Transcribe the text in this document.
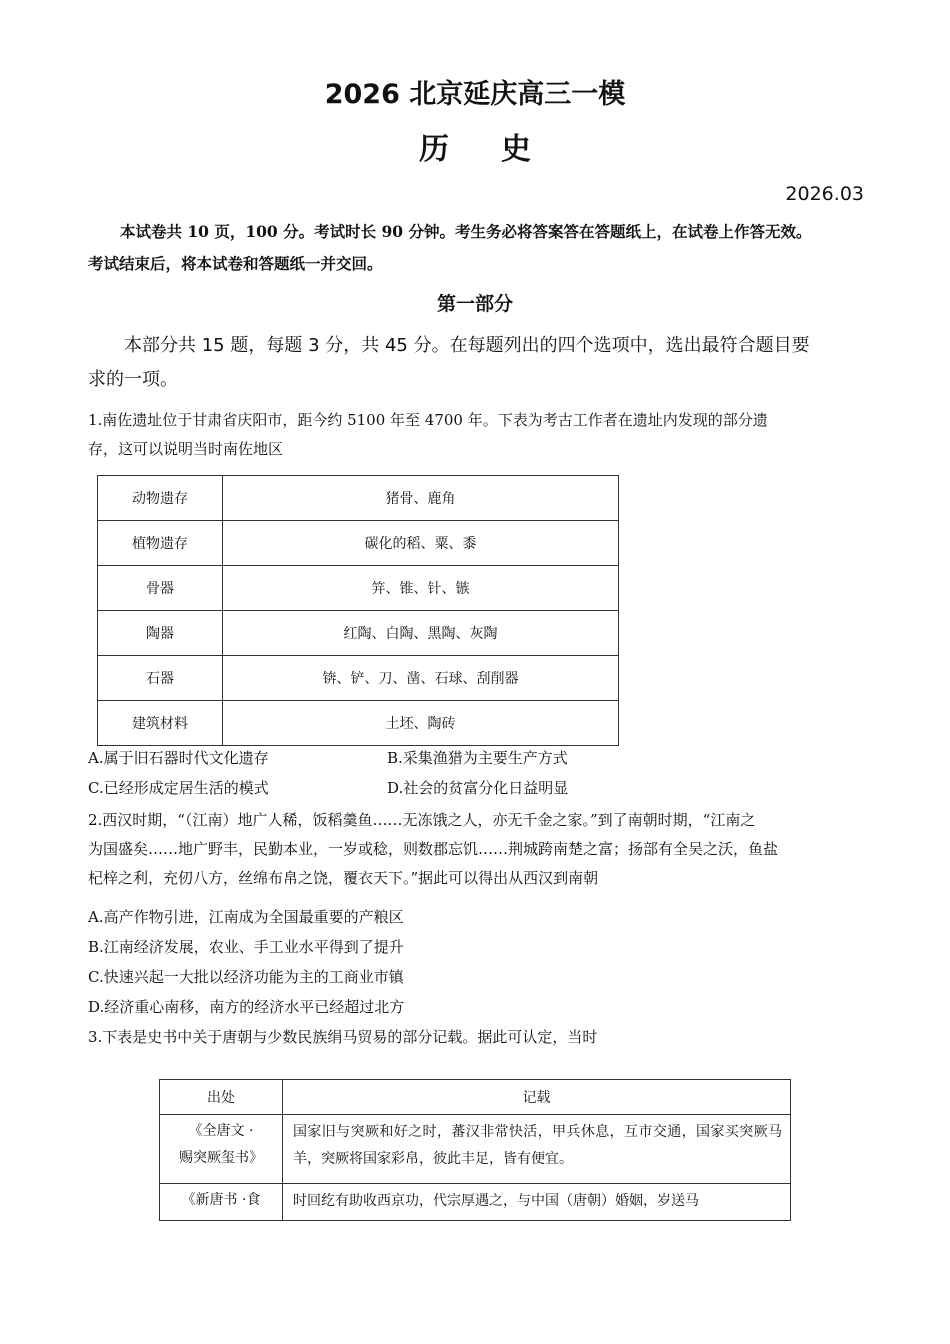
2026 北京延庆高三一模
历史
2026.03
本试卷共 10 页，100 分。考试时长 90 分钟。考生务必将答案答在答题纸上，在试卷上作答无效。
考试结束后，将本试卷和答题纸一并交回。
第一部分
本部分共 15 题，每题 3 分，共 45 分。在每题列出的四个选项中，选出最符合题目要
求的一项。
1.南佐遗址位于甘肃省庆阳市，距今约 5100 年至 4700 年。下表为考古工作者在遗址内发现的部分遗
存，这可以说明当时南佐地区
动物遗存	猪骨、鹿角
植物遗存	碳化的稻、粟、黍
骨器	笄、锥、针、镞
陶器	红陶、白陶、黑陶、灰陶
石器	锛、铲、刀、凿、石球、刮削器
建筑材料	土坯、陶砖
A.属于旧石器时代文化遗存	B.采集渔猎为主要生产方式
C.已经形成定居生活的模式	D.社会的贫富分化日益明显
2.西汉时期，“（江南）地广人稀，饭稻羹鱼……无冻饿之人，亦无千金之家。”到了南朝时期，“江南之
为国盛矣……地广野丰，民勤本业，一岁或稔，则数郡忘饥……荆城跨南楚之富；扬部有全吴之沃，鱼盐
杞梓之利，充仞八方，丝绵布帛之饶，覆衣天下。”据此可以得出从西汉到南朝
A.高产作物引进，江南成为全国最重要的产粮区
B.江南经济发展，农业、手工业水平得到了提升
C.快速兴起一大批以经济功能为主的工商业市镇
D.经济重心南移，南方的经济水平已经超过北方
3.下表是史书中关于唐朝与少数民族绢马贸易的部分记载。据此可认定，当时
出处	记载

《全唐文 ·
赐突厥玺书》	国家旧与突厥和好之时，蕃汉非常快活，甲兵休息，互市交通，国家买突厥马羊，突厥将国家彩帛，彼此丰足，皆有便宜。

《新唐书 ·食	时回纥有助收西京功，代宗厚遇之，与中国（唐朝）婚姻，岁送马
